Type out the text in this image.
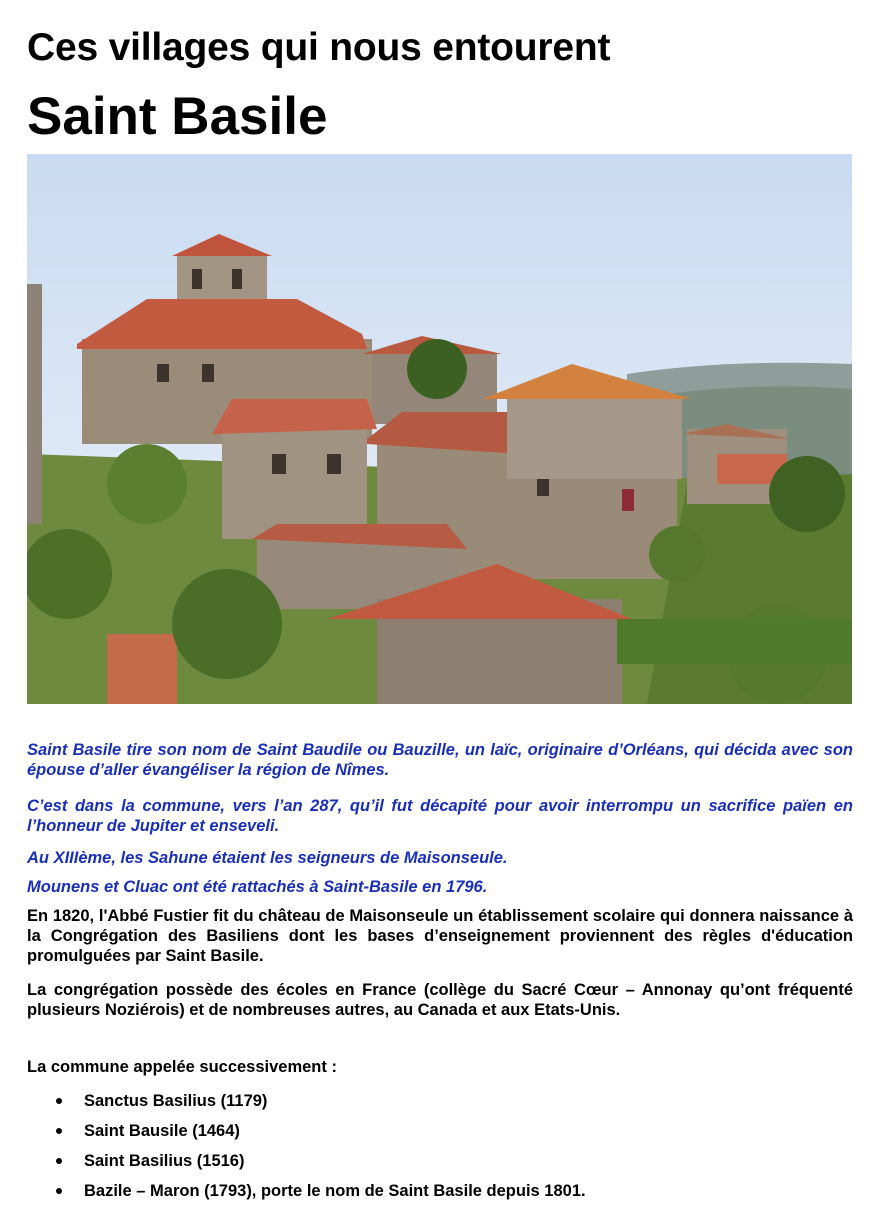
Ces villages qui nous entourent
Saint Basile

Saint Basile tire son nom de Saint Baudile ou Bauzille, un laïc, originaire d’Orléans, qui décida avec son épouse d’aller évangéliser la région de Nîmes.

C’est dans la commune, vers l’an 287, qu’il fut décapité pour avoir interrompu un sacrifice païen en l’honneur de Jupiter et enseveli.

Au XIIIème, les Sahune étaient les seigneurs de Maisonseule.

Mounens et Cluac ont été rattachés à Saint-Basile en 1796.

En 1820, l'Abbé Fustier fit du château de Maisonseule un établissement scolaire qui donnera naissance à la Congrégation des Basiliens dont les bases d’enseignement proviennent des règles d'éducation promulguées par Saint Basile.

La congrégation possède des écoles en France (collège du Sacré Cœur – Annonay qu’ont fréquenté plusieurs Noziérois) et de nombreuses autres, au Canada et aux Etats-Unis.

La commune appelée successivement :

Sanctus Basilius (1179)
Saint Bausile (1464)
Saint Basilius (1516)
Bazile – Maron (1793), porte le nom de Saint Basile depuis 1801.
